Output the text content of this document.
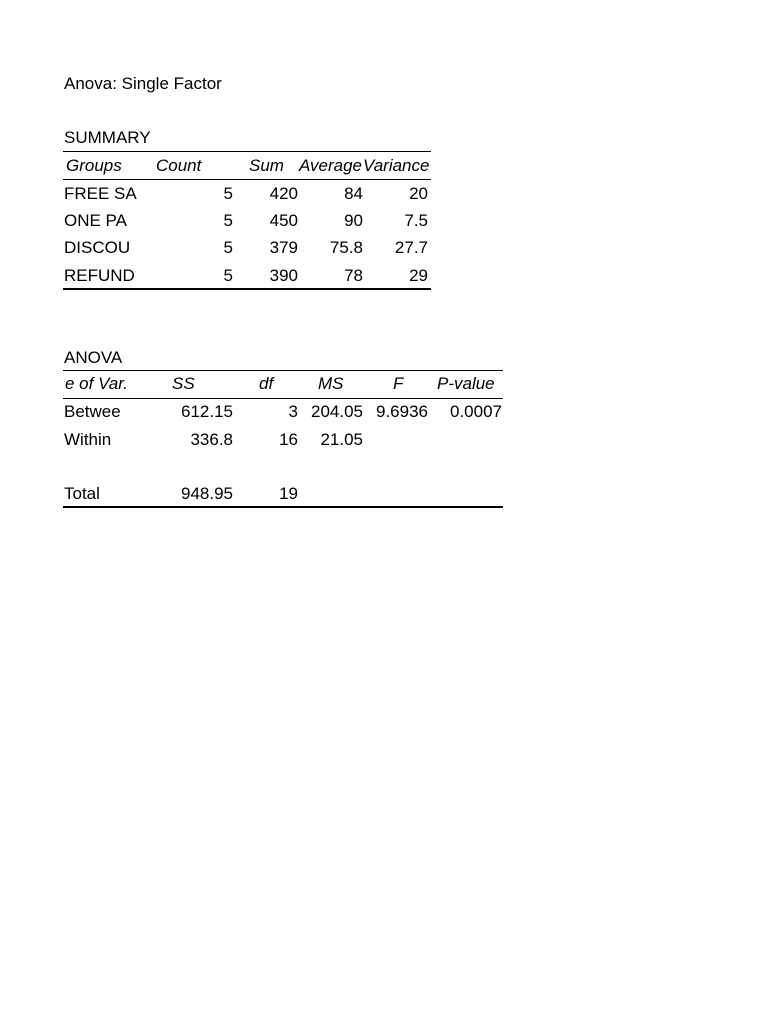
Anova: Single Factor
SUMMARY
Groups	Count	Sum Average Variance
FREE SA	5	420	84	20
ONE PA	5	450	90	7.5
DISCOU	5	379	75.8	27.7
REFUND	5	390	78	29
ANOVA
e of Var.	SS	df	MS	F	P-value
Betwee	612.15	3 204.05 9.6936	0.0007
Within	336.8	16	21.05
Total	948.95	19
